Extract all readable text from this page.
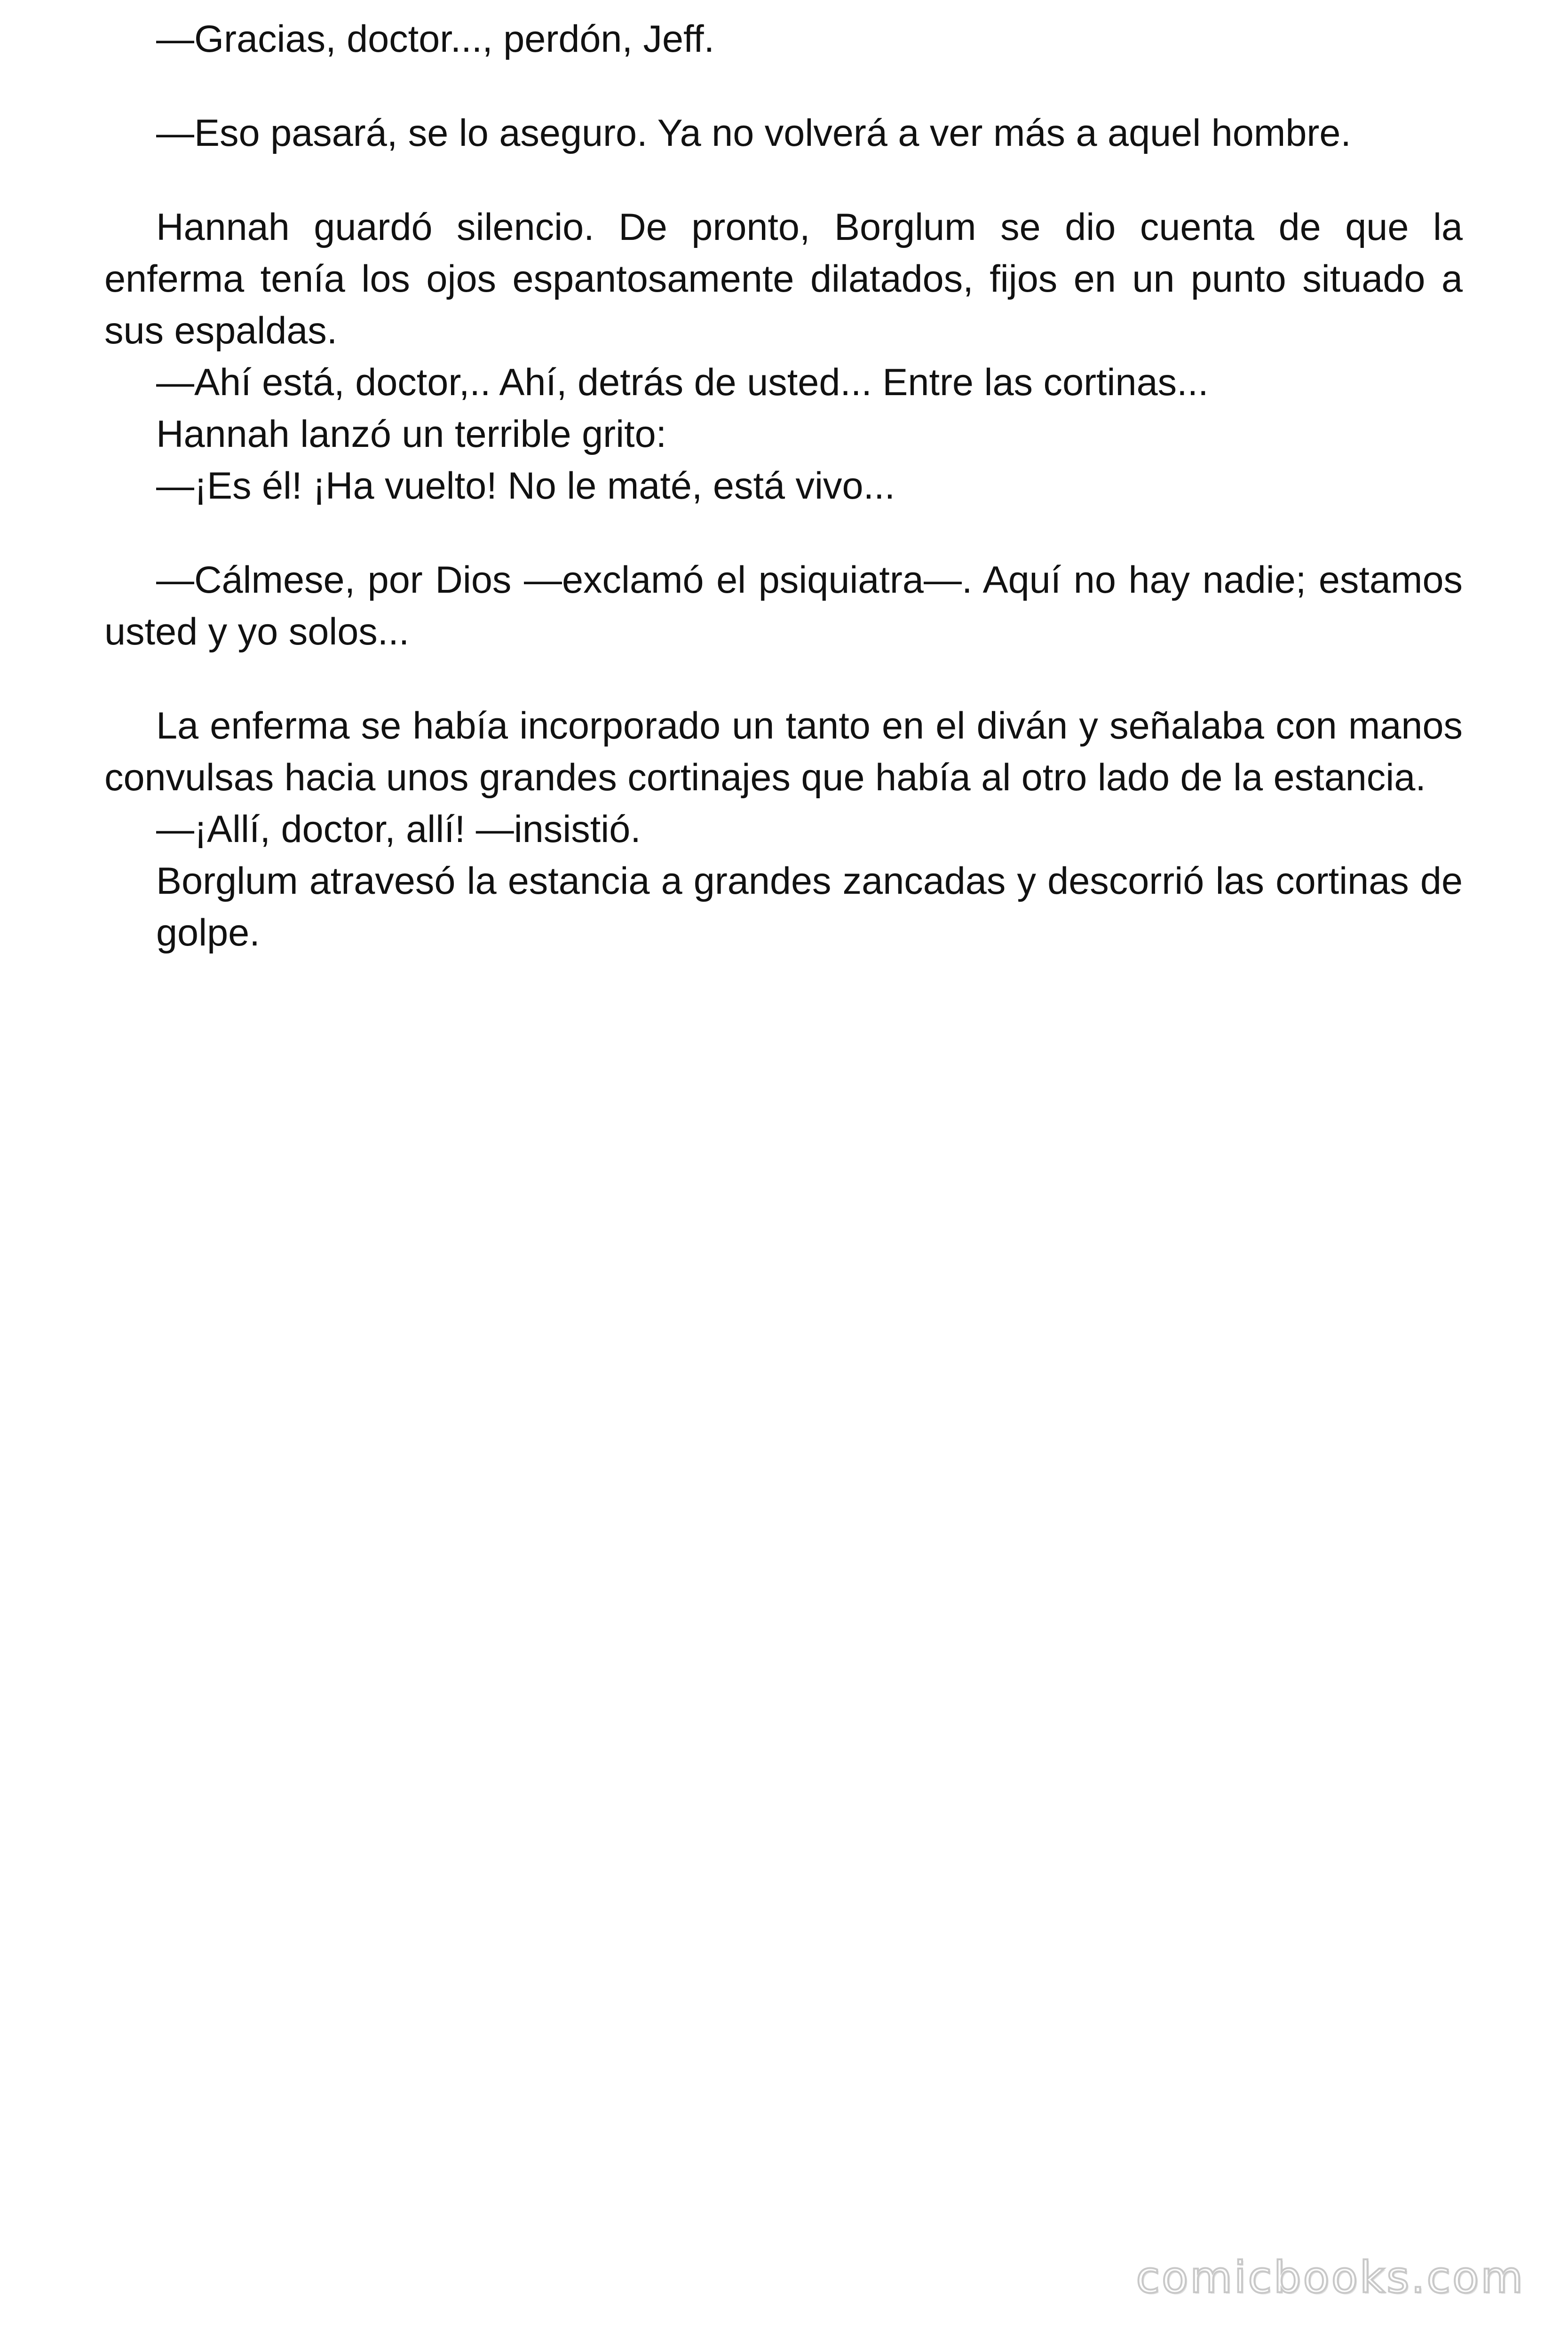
—Gracias, doctor..., perdón, Jeff.

—Eso pasará, se lo aseguro. Ya no volverá a ver más a aquel hombre.

Hannah guardó silencio. De pronto, Borglum se dio cuenta de que la enferma tenía los ojos espantosamente dilatados, fijos en un punto situado a sus espaldas.

—Ahí está, doctor,.. Ahí, detrás de usted... Entre las cortinas...

Hannah lanzó un terrible grito:

—¡Es él! ¡Ha vuelto! No le maté, está vivo...

—Cálmese, por Dios —exclamó el psiquiatra—. Aquí no hay nadie; estamos usted y yo solos...

La enferma se había incorporado un tanto en el diván y señalaba con manos convulsas hacia unos grandes cortinajes que había al otro lado de la estancia.

—¡Allí, doctor, allí! —insistió.

Borglum atravesó la estancia a grandes zancadas y descorrió las cortinas de golpe.

comicbooks.com
